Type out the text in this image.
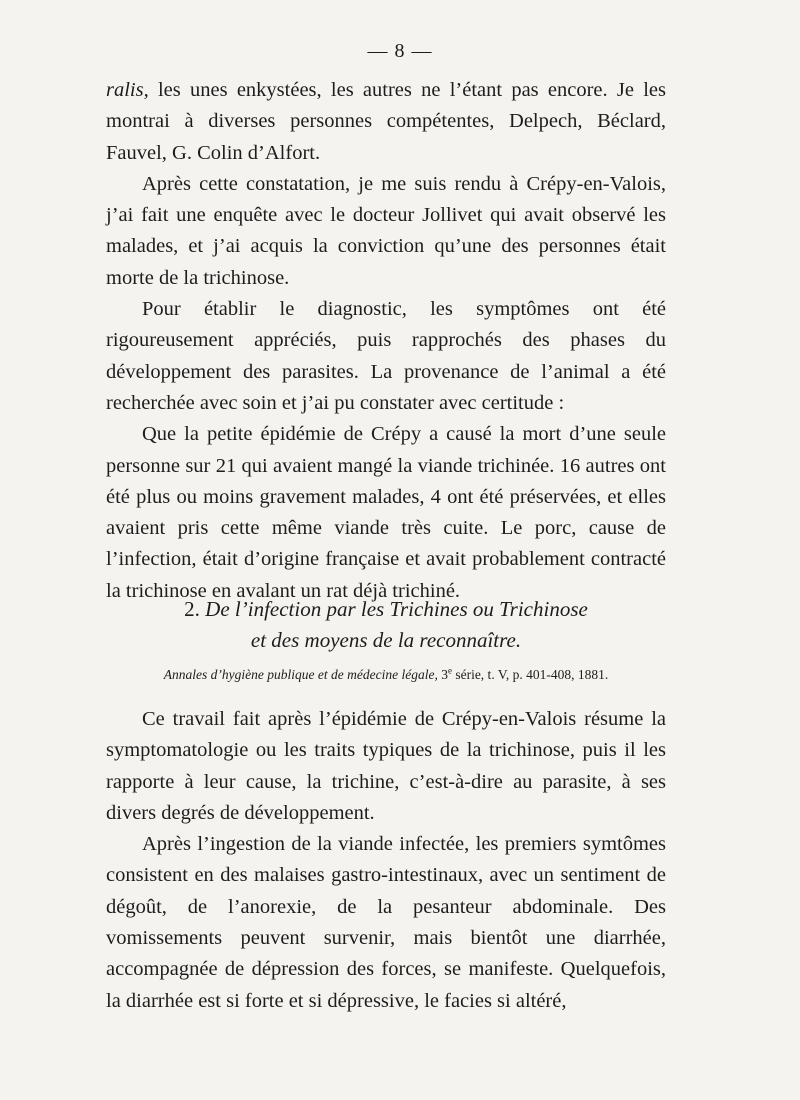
— 8 —

ralis, les unes enkystées, les autres ne l’étant pas encore. Je les montrai à diverses personnes compétentes, Delpech, Béclard, Fauvel, G. Colin d’Alfort.

Après cette constatation, je me suis rendu à Crépy-en-Valois, j’ai fait une enquête avec le docteur Jollivet qui avait observé les malades, et j’ai acquis la conviction qu’une des personnes était morte de la trichinose.

Pour établir le diagnostic, les symptômes ont été rigoureusement appréciés, puis rapprochés des phases du développement des parasites. La provenance de l’animal a été recherchée avec soin et j’ai pu constater avec certitude :

Que la petite épidémie de Crépy a causé la mort d’une seule personne sur 21 qui avaient mangé la viande trichinée. 16 autres ont été plus ou moins gravement malades, 4 ont été préservées, et elles avaient pris cette même viande très cuite. Le porc, cause de l’infection, était d’origine française et avait probablement contracté la trichinose en avalant un rat déjà trichiné.

2. De l’infection par les Trichines ou Trichinose
et des moyens de la reconnaître.
Annales d’hygiène publique et de médecine légale, 3e série, t. V, p. 401-408, 1881.

Ce travail fait après l’épidémie de Crépy-en-Valois résume la symptomatologie ou les traits typiques de la trichinose, puis il les rapporte à leur cause, la trichine, c’est-à-dire au parasite, à ses divers degrés de développement.

Après l’ingestion de la viande infectée, les premiers symtômes consistent en des malaises gastro-intestinaux, avec un sentiment de dégoût, de l’anorexie, de la pesanteur abdominale. Des vomissements peuvent survenir, mais bientôt une diarrhée, accompagnée de dépression des forces, se manifeste. Quelquefois, la diarrhée est si forte et si dépressive, le facies si altéré,
